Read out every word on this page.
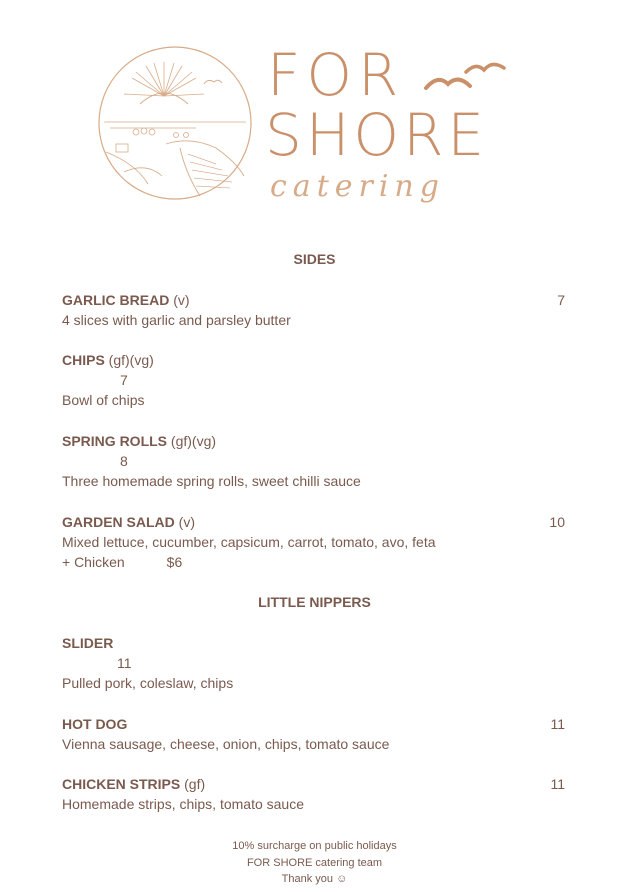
FOR
SHORE
catering
SIDES
GARLIC BREAD (v)	7
4 slices with garlic and parsley butter
CHIPS (gf)(vg)
7
Bowl of chips
SPRING ROLLS (gf)(vg)
8
Three homemade spring rolls, sweet chilli sauce
GARDEN SALAD (v)	10
Mixed lettuce, cucumber, capsicum, carrot, tomato, avo, feta
+ Chicken	$6
LITTLE NIPPERS
SLIDER
11
Pulled pork, coleslaw, chips
HOT DOG	11
Vienna sausage, cheese, onion, chips, tomato sauce
CHICKEN STRIPS (gf)	11
Homemade strips, chips, tomato sauce
10% surcharge on public holidays
FOR SHORE catering team
Thank you ☺
